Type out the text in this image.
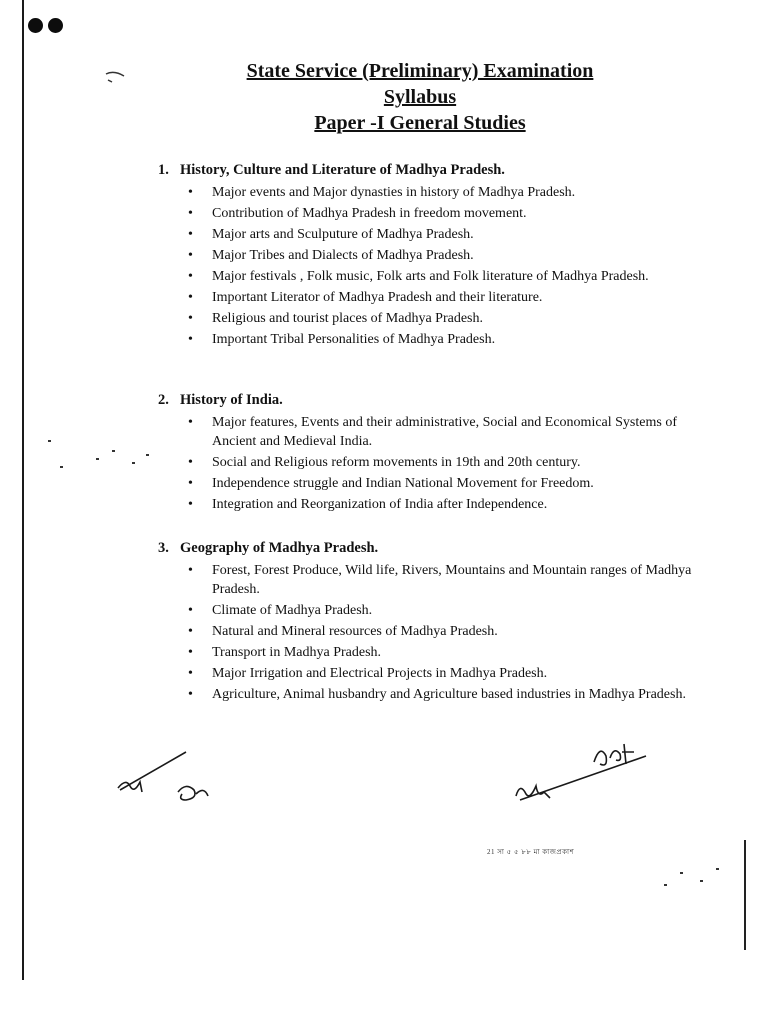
State Service (Preliminary) Examination
Syllabus
Paper -I General Studies
1. History, Culture and Literature of Madhya Pradesh.
• Major events and Major dynasties in history of Madhya Pradesh.
• Contribution of Madhya Pradesh in freedom movement.
• Major arts and Sculputure of Madhya Pradesh.
• Major Tribes and Dialects of Madhya Pradesh.
• Major festivals , Folk music, Folk arts and Folk literature of Madhya Pradesh.
• Important Literator of Madhya Pradesh and their literature.
• Religious and tourist places of Madhya Pradesh.
• Important Tribal Personalities of Madhya Pradesh.
2. History of India.
• Major features, Events and their administrative, Social and Economical Systems of Ancient and Medieval India.
• Social and Religious reform movements in 19th and 20th century.
• Independence struggle and Indian National Movement for Freedom.
• Integration and Reorganization of India after Independence.
3. Geography of Madhya Pradesh.
• Forest, Forest Produce, Wild life, Rivers, Mountains and Mountain ranges of Madhya Pradesh.
• Climate of Madhya Pradesh.
• Natural and Mineral resources of Madhya Pradesh.
• Transport in Madhya Pradesh.
• Major Irrigation and Electrical Projects in Madhya Pradesh.
• Agriculture, Animal husbandry and Agriculture based industries in Madhya Pradesh.
21 সা ৫ ৫ ৮৮ মা কাজপ্রকাশ
